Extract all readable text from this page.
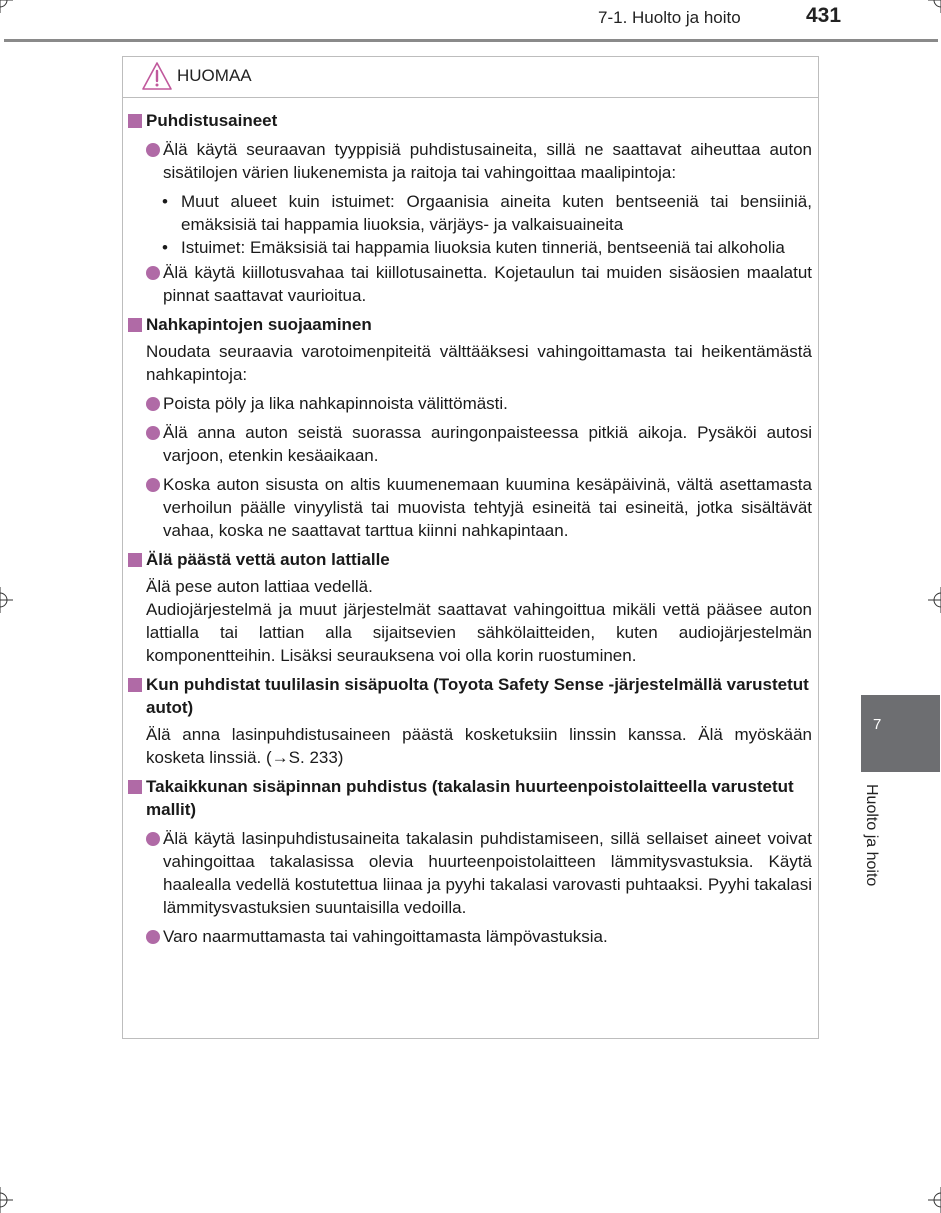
7-1. Huolto ja hoito	431
7
Huolto ja hoito
HUOMAA
Puhdistusaineet
Älä käytä seuraavan tyyppisiä puhdistusaineita, sillä ne saattavat aiheuttaa auton sisätilojen värien liukenemista ja raitoja tai vahingoittaa maalipintoja:
• Muut alueet kuin istuimet: Orgaanisia aineita kuten bentseeniä tai bensiiniä, emäksisiä tai happamia liuoksia, värjäys- ja valkaisuaineita
• Istuimet: Emäksisiä tai happamia liuoksia kuten tinneriä, bentseeniä tai alkoholia
Älä käytä kiillotusvahaa tai kiillotusainetta. Kojetaulun tai muiden sisäosien maalatut pinnat saattavat vaurioitua.
Nahkapintojen suojaaminen
Noudata seuraavia varotoimenpiteitä välttääksesi vahingoittamasta tai heikentämästä nahkapintoja:
Poista pöly ja lika nahkapinnoista välittömästi.
Älä anna auton seistä suorassa auringonpaisteessa pitkiä aikoja. Pysäköi autosi varjoon, etenkin kesäaikaan.
Koska auton sisusta on altis kuumenemaan kuumina kesäpäivinä, vältä asettamasta verhoilun päälle vinyylistä tai muovista tehtyjä esineitä tai esineitä, jotka sisältävät vahaa, koska ne saattavat tarttua kiinni nahkapintaan.
Älä päästä vettä auton lattialle
Älä pese auton lattiaa vedellä.
Audiojärjestelmä ja muut järjestelmät saattavat vahingoittua mikäli vettä pääsee auton lattialla tai lattian alla sijaitsevien sähkölaitteiden, kuten audiojärjestelmän komponentteihin. Lisäksi seurauksena voi olla korin ruostuminen.
Kun puhdistat tuulilasin sisäpuolta (Toyota Safety Sense -järjestelmällä varustetut autot)
Älä anna lasinpuhdistusaineen päästä kosketuksiin linssin kanssa. Älä myöskään kosketa linssiä. (→S. 233)
Takaikkunan sisäpinnan puhdistus (takalasin huurteenpoistolaitteella varustetut mallit)
Älä käytä lasinpuhdistusaineita takalasin puhdistamiseen, sillä sellaiset aineet voivat vahingoittaa takalasissa olevia huurteenpoistolaitteen lämmitysvastuksia. Käytä haalealla vedellä kostutettua liinaa ja pyyhi takalasi varovasti puhtaaksi. Pyyhi takalasi lämmitysvastuksien suuntaisilla vedoilla.
Varo naarmuttamasta tai vahingoittamasta lämpövastuksia.
